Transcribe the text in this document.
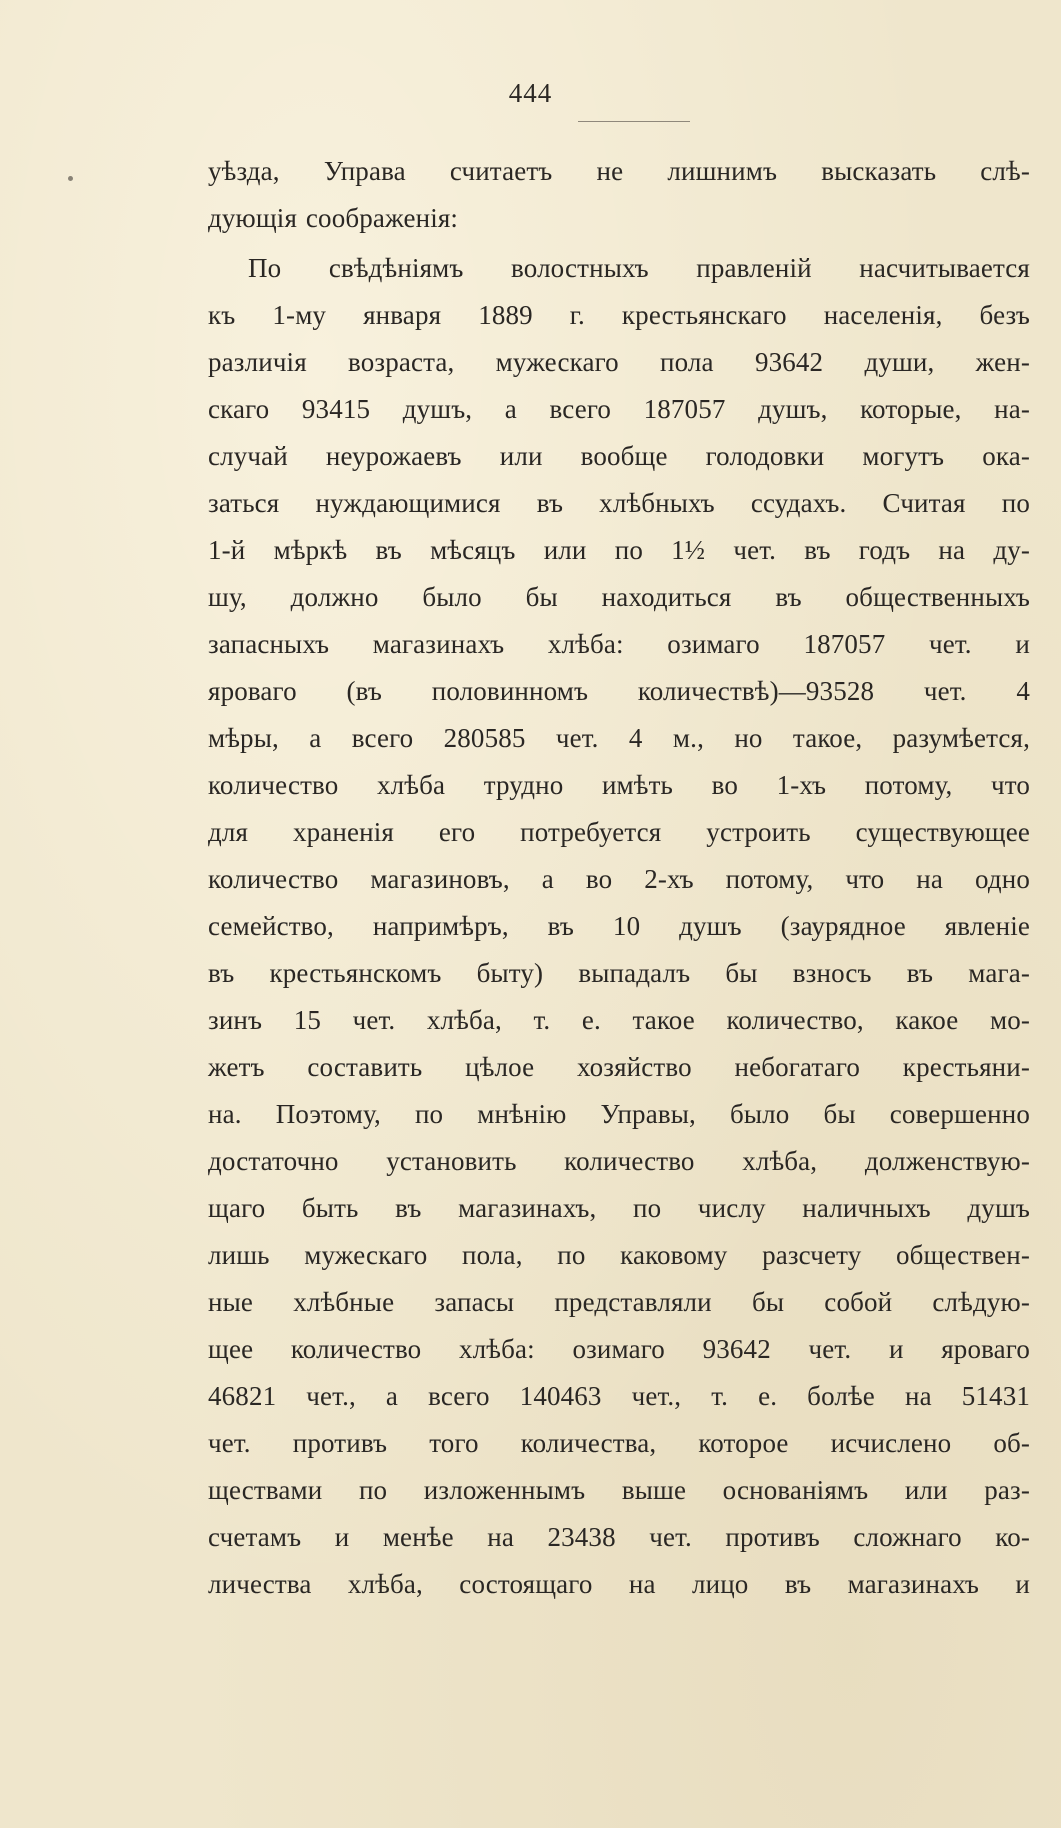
444
уѣзда, Управа считаетъ не лишнимъ высказать слѣ-
дующія соображенія:
По свѣдѣніямъ волостныхъ правленій насчитывается
къ 1-му января 1889 г. крестьянскаго населенія, безъ
различія возраста, мужескаго пола 93642 души, жен-
скаго 93415 душъ, а всего 187057 душъ, которые, на-
случай неурожаевъ или вообще голодовки могутъ ока-
заться нуждающимися въ хлѣбныхъ ссудахъ. Считая по
1-й мѣркѣ въ мѣсяцъ или по 1½ чет. въ годъ на ду-
шу, должно было бы находиться въ общественныхъ
запасныхъ магазинахъ хлѣба: озимаго 187057 чет. и
яроваго (въ половинномъ количествѣ)—93528 чет. 4
мѣры, а всего 280585 чет. 4 м., но такое, разумѣется,
количество хлѣба трудно имѣть во 1-хъ потому, что
для храненія его потребуется устроить существующее
количество магазиновъ, а во 2-хъ потому, что на одно
семейство, напримѣръ, въ 10 душъ (заурядное явленіе
въ крестьянскомъ быту) выпадалъ бы взносъ въ мага-
зинъ 15 чет. хлѣба, т. е. такое количество, какое мо-
жетъ составить цѣлое хозяйство небогатаго крестьяни-
на. Поэтому, по мнѣнію Управы, было бы совершенно
достаточно установить количество хлѣба, долженствую-
щаго быть въ магазинахъ, по числу наличныхъ душъ
лишь мужескаго пола, по каковому разсчету обществен-
ные хлѣбные запасы представляли бы собой слѣдую-
щее количество хлѣба: озимаго 93642 чет. и яроваго
46821 чет., а всего 140463 чет., т. е. болѣе на 51431
чет. противъ того количества, которое исчислено об-
ществами по изложеннымъ выше основаніямъ или раз-
счетамъ и менѣе на 23438 чет. противъ сложнаго ко-
личества хлѣба, состоящаго на лицо въ магазинахъ и
